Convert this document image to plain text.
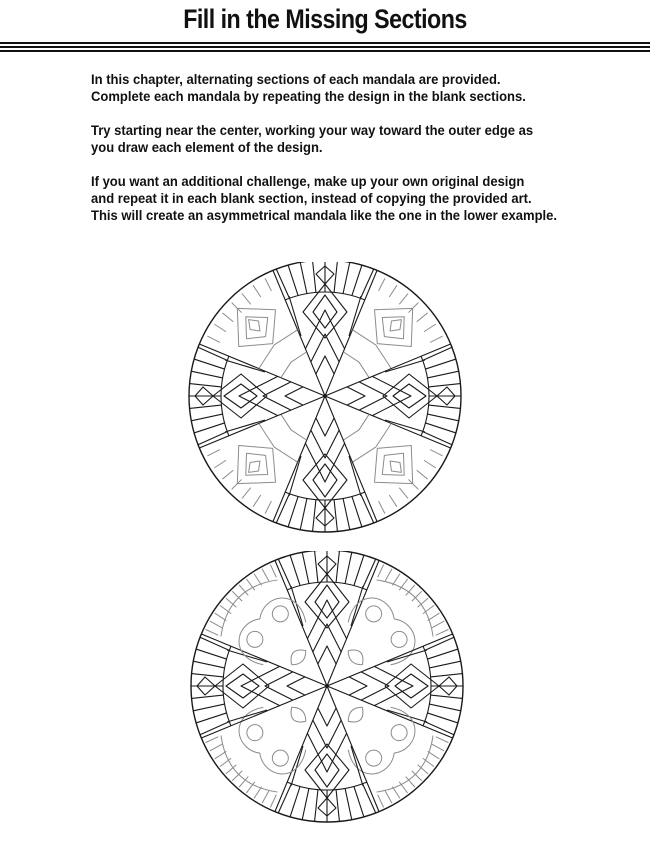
Fill in the Missing Sections

In this chapter, alternating sections of each mandala are provided.
Complete each mandala by repeating the design in the blank sections.

Try starting near the center, working your way toward the outer edge as
you draw each element of the design.

If you want an additional challenge, make up your own original design
and repeat it in each blank section, instead of copying the provided art.
This will create an asymmetrical mandala like the one in the lower example.
